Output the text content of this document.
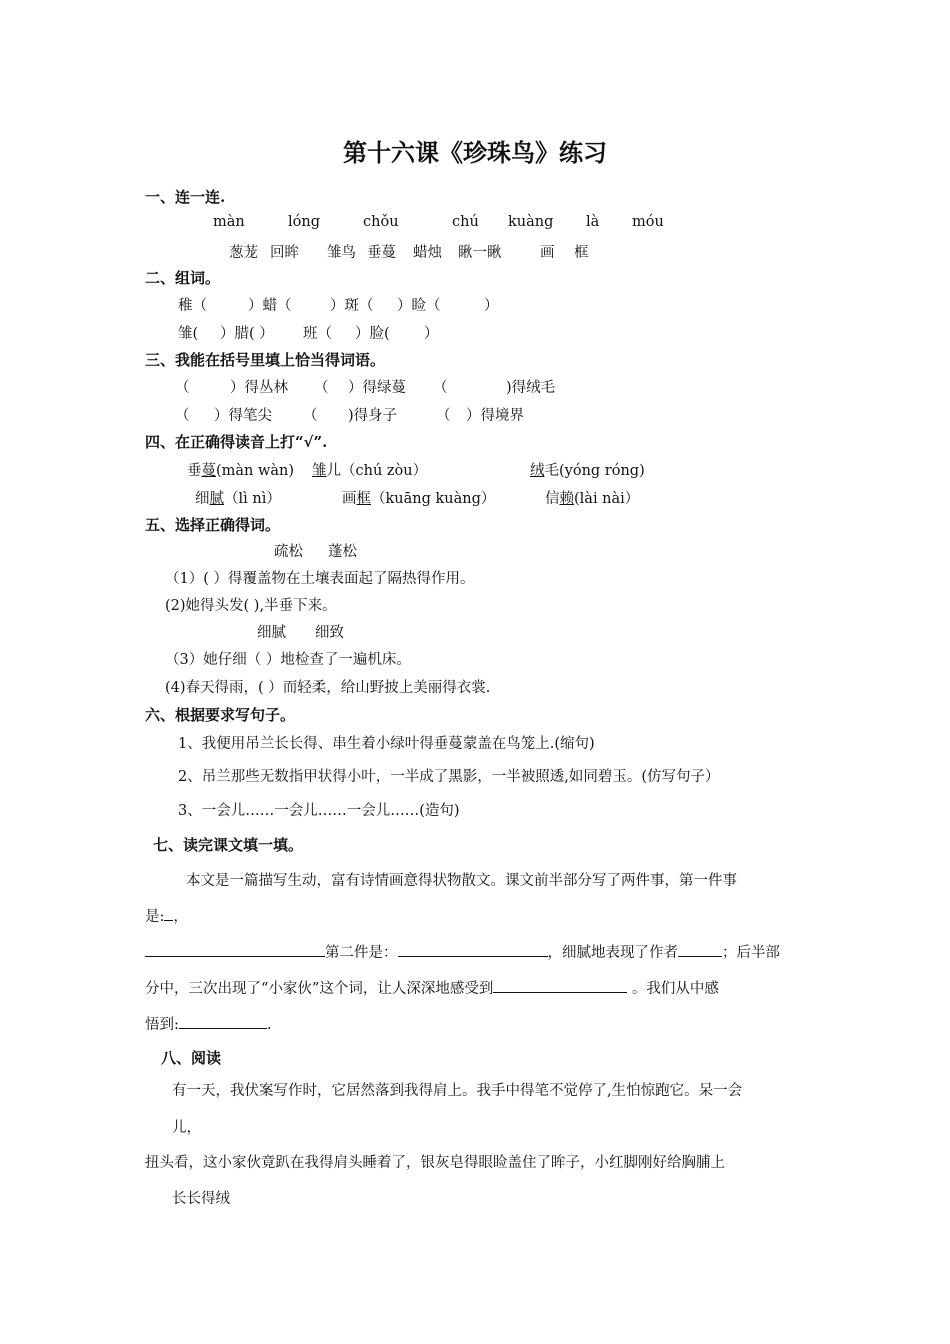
第十六课《珍珠鸟》练习
一、连一连.
màn	lóng	chǒu	chú kuàng là móu
葱茏 回眸 雏鸟 垂蔓 蜡烛 瞅一瞅	画 框
二、组词。
稚（	）蜡（	）斑（ ）睑（	）
雏( ）腊( ） 班（ ）脸( ）
三、我能在括号里填上恰当得词语。
（	）得丛林 （ ）得绿蔓 （	)得绒毛
（ ）得笔尖 （ )得身子	（ ）得境界
四、在正确得读音上打“√”.
垂蔓(màn wàn) 雏儿（chú zòu）	绒毛(yóng róng)
细腻（lì nì）	画框（kuāng kuàng）	信赖(lài nài）
五、选择正确得词。
疏松 蓬松
（1）( ）得覆盖物在土壤表面起了隔热得作用。
(2)她得头发( ),半垂下来。
细腻 细致
（3）她仔细（ ）地检查了一遍机床。
(4)春天得雨，( ）而轻柔，给山野披上美丽得衣裳.
六、根据要求写句子。
1、我便用吊兰长长得、串生着小绿叶得垂蔓蒙盖在鸟笼上.(缩句)
2、吊兰那些无数指甲状得小叶，一半成了黑影，一半被照透,如同碧玉。(仿写句子）
3、一会儿……一会儿……一会儿……(造句)
七、读完课文填一填。
本文是一篇描写生动，富有诗情画意得状物散文。课文前半部分写了两件事，第一件事
是: ，
第二件是：	，细腻地表现了作者	；后半部
分中，三次出现了“小家伙”这个词，让人深深地感受到	。我们从中感
悟到:	.
八、阅读
有一天，我伏案写作时，它居然落到我得肩上。我手中得笔不觉停了,生怕惊跑它。呆一会
儿，
扭头看，这小家伙竟趴在我得肩头睡着了，银灰皂得眼睑盖住了眸子，小红脚刚好给胸脯上
长长得绒
